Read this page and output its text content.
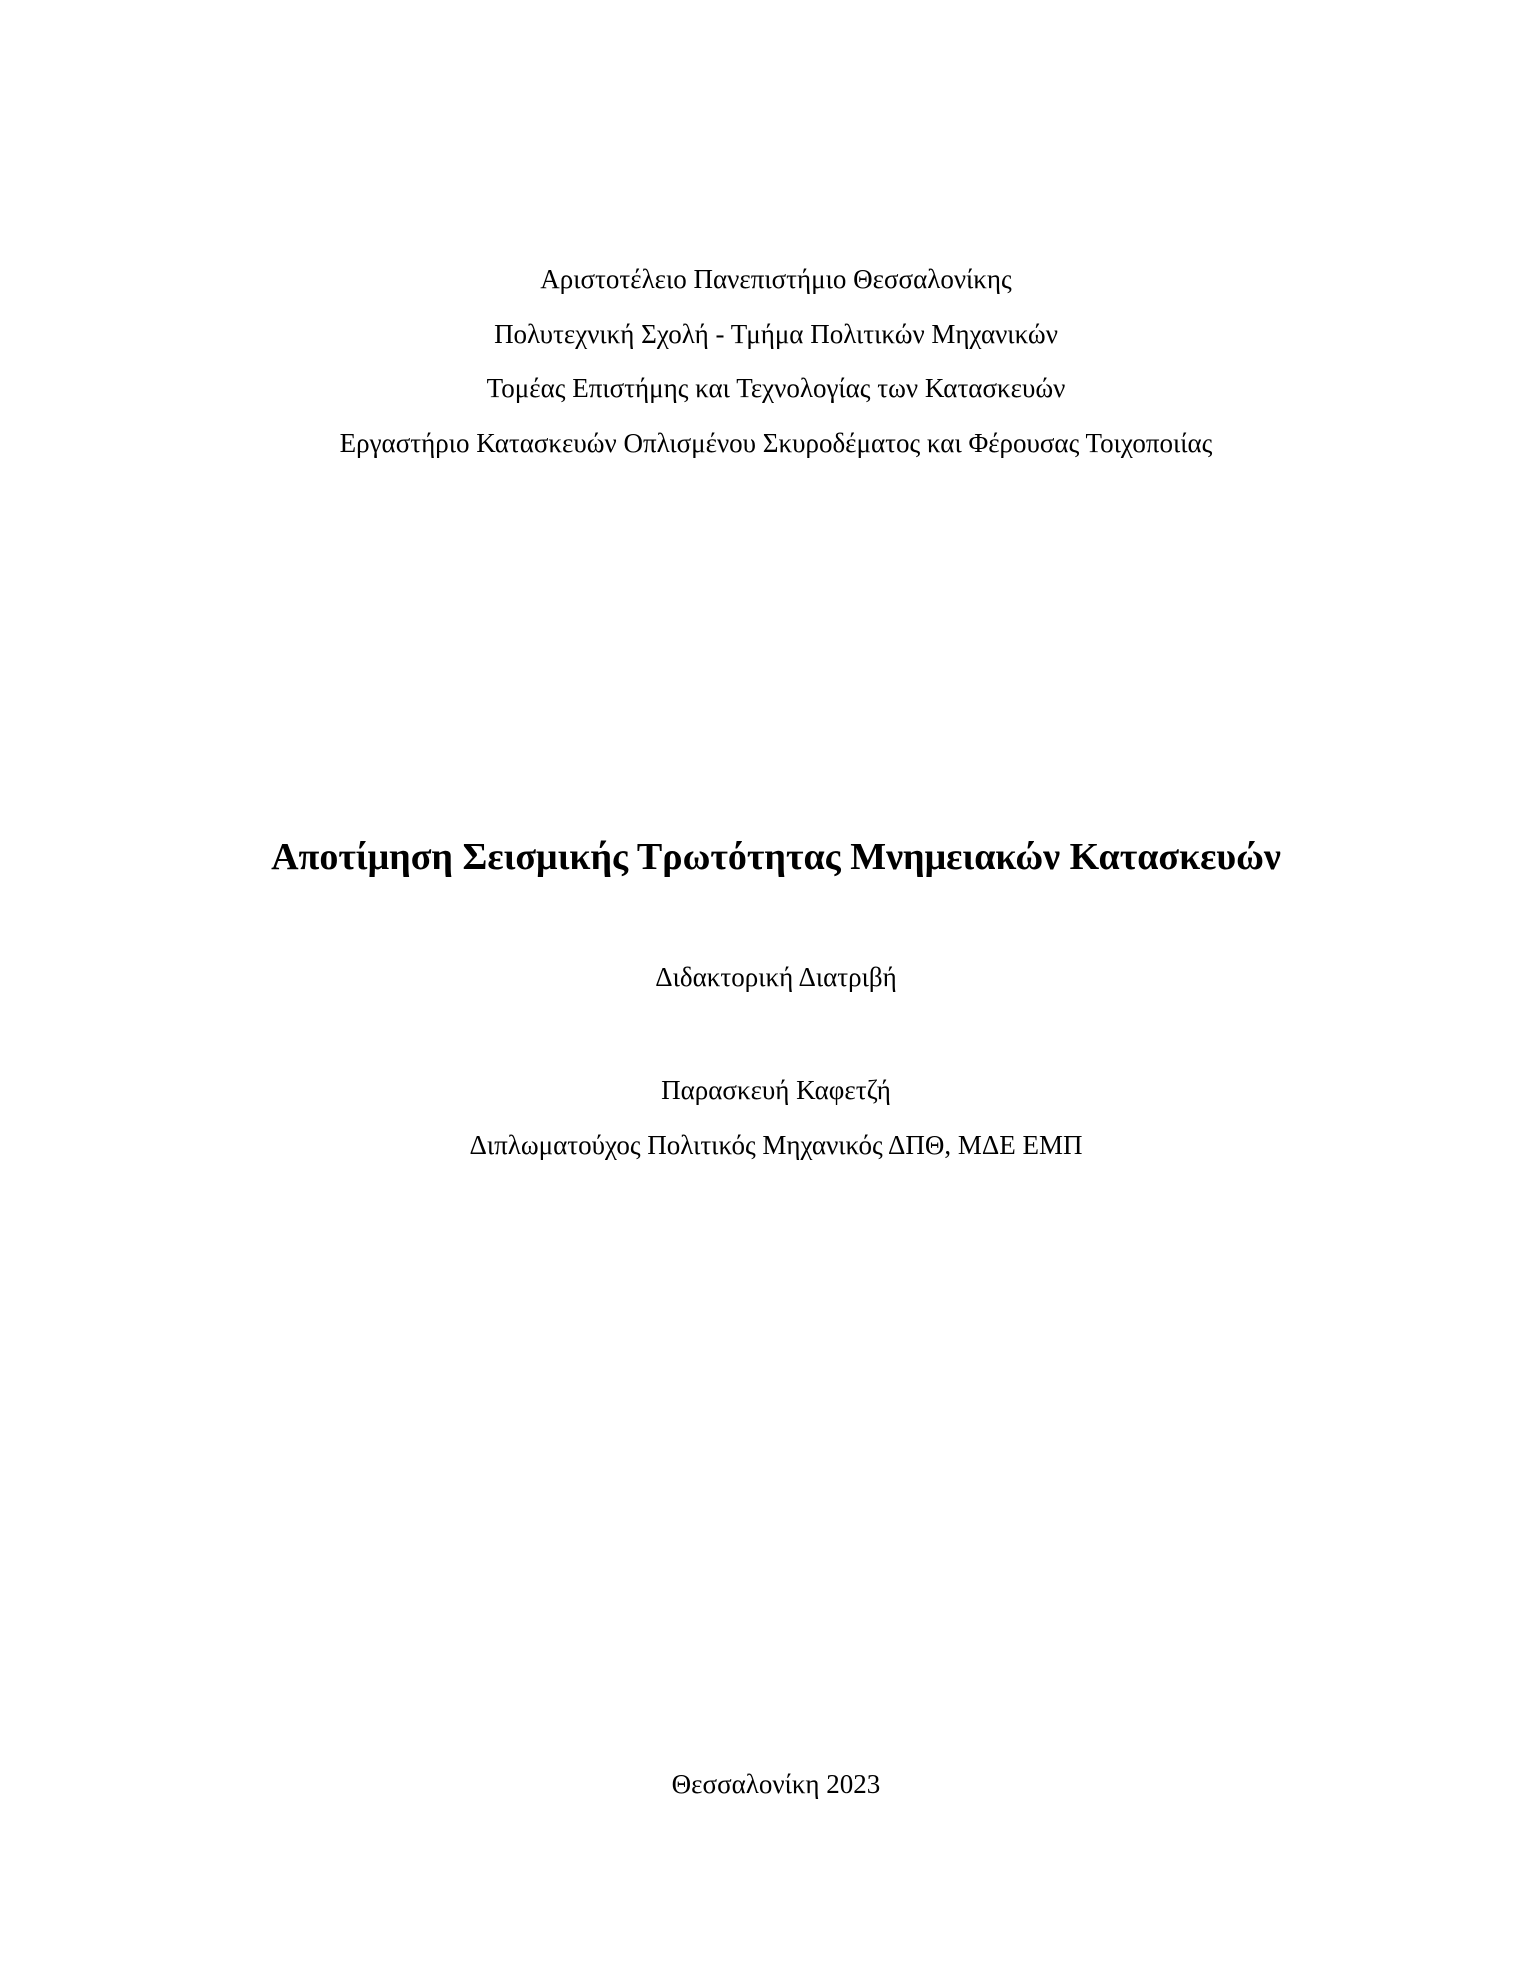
Αριστοτέλειο Πανεπιστήμιο Θεσσαλονίκης
Πολυτεχνική Σχολή - Τμήμα Πολιτικών Μηχανικών
Τομέας Επιστήμης και Τεχνολογίας των Κατασκευών
Εργαστήριο Κατασκευών Οπλισμένου Σκυροδέματος και Φέρουσας Τοιχοποιίας
Αποτίμηση Σεισμικής Τρωτότητας Μνημειακών Κατασκευών
Διδακτορική Διατριβή
Παρασκευή Καφετζή
Διπλωματούχος Πολιτικός Μηχανικός ΔΠΘ, ΜΔΕ ΕΜΠ
Θεσσαλονίκη 2023
